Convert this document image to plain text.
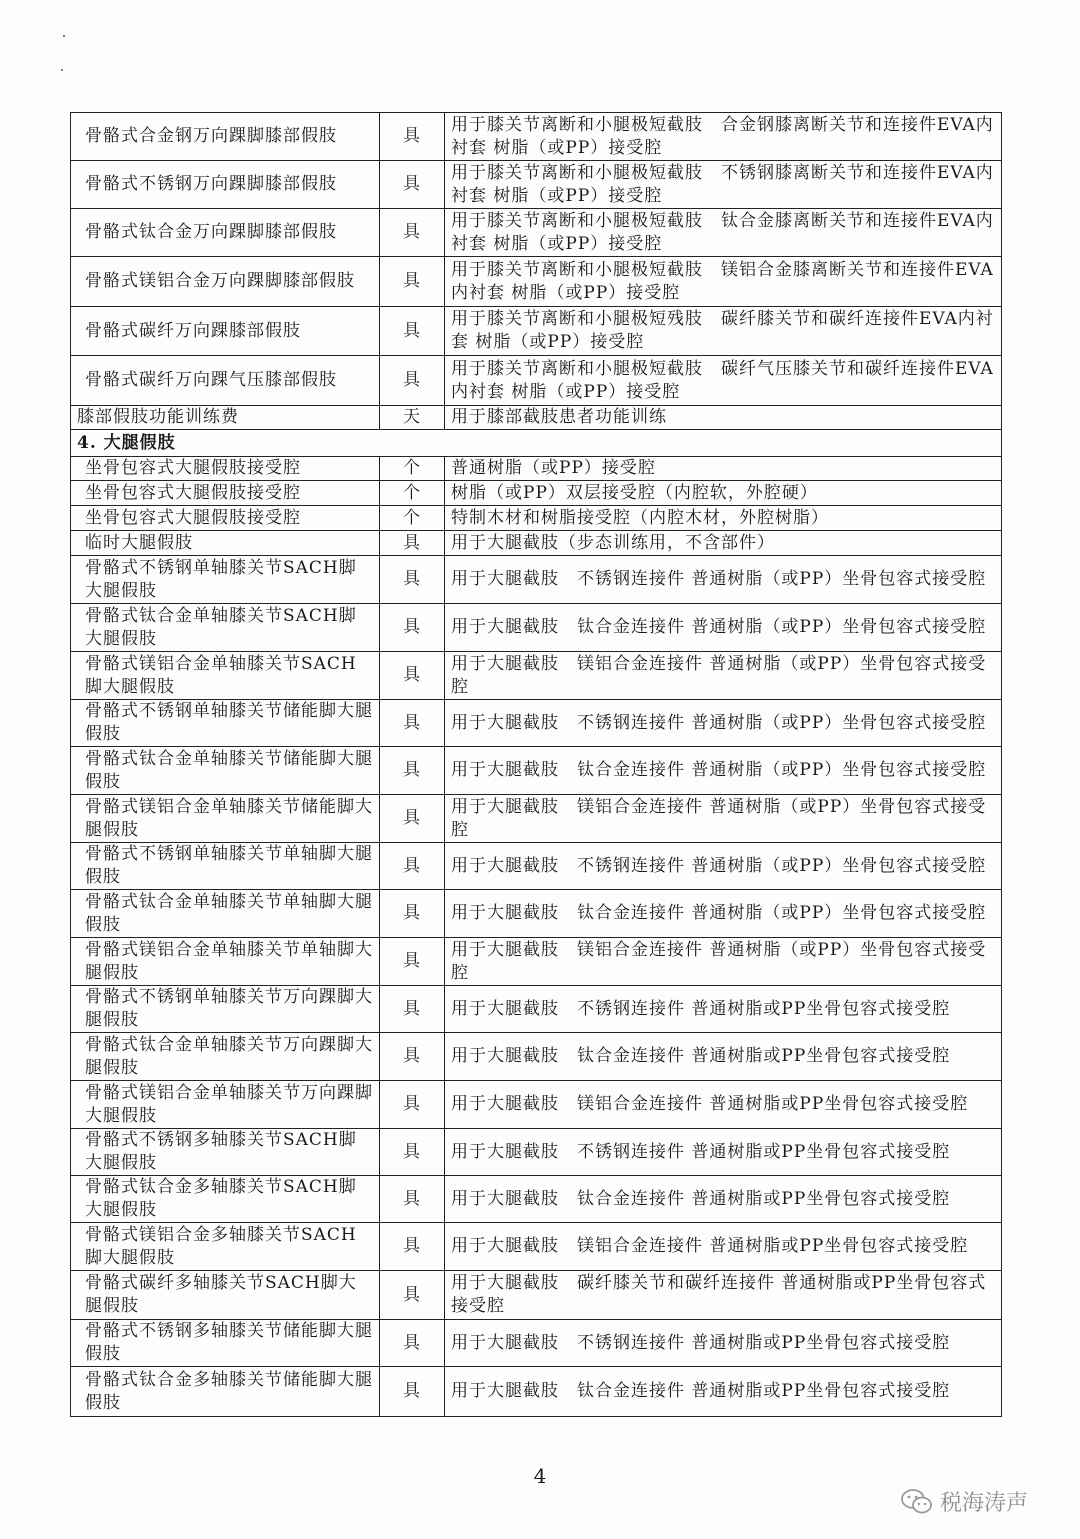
骨骼式合金钢万向踝脚膝部假肢	具	用于膝关节离断和小腿极短截肢　合金钢膝离断关节和连接件EVA内衬套 树脂（或PP）接受腔
骨骼式不锈钢万向踝脚膝部假肢	具	用于膝关节离断和小腿极短截肢　不锈钢膝离断关节和连接件EVA内衬套 树脂（或PP）接受腔
骨骼式钛合金万向踝脚膝部假肢	具	用于膝关节离断和小腿极短截肢　钛合金膝离断关节和连接件EVA内衬套 树脂（或PP）接受腔
骨骼式镁铝合金万向踝脚膝部假肢	具	用于膝关节离断和小腿极短截肢　镁铝合金膝离断关节和连接件EVA内衬套 树脂（或PP）接受腔
骨骼式碳纤万向踝膝部假肢	具	用于膝关节离断和小腿极短残肢　碳纤膝关节和碳纤连接件EVA内衬套 树脂（或PP）接受腔
骨骼式碳纤万向踝气压膝部假肢	具	用于膝关节离断和小腿极短截肢　碳纤气压膝关节和碳纤连接件EVA内衬套 树脂（或PP）接受腔
膝部假肢功能训练费	天	用于膝部截肢患者功能训练
4. 大腿假肢		
坐骨包容式大腿假肢接受腔	个	普通树脂（或PP）接受腔
坐骨包容式大腿假肢接受腔	个	树脂（或PP）双层接受腔（内腔软，外腔硬）
坐骨包容式大腿假肢接受腔	个	特制木材和树脂接受腔（内腔木材，外腔树脂）
临时大腿假肢	具	用于大腿截肢（步态训练用，不含部件）
骨骼式不锈钢单轴膝关节SACH脚大腿假肢	具	用于大腿截肢　不锈钢连接件 普通树脂（或PP）坐骨包容式接受腔
骨骼式钛合金单轴膝关节SACH脚大腿假肢	具	用于大腿截肢　钛合金连接件 普通树脂（或PP）坐骨包容式接受腔
骨骼式镁铝合金单轴膝关节SACH脚大腿假肢	具	用于大腿截肢　镁铝合金连接件 普通树脂（或PP）坐骨包容式接受腔
骨骼式不锈钢单轴膝关节储能脚大腿假肢	具	用于大腿截肢　不锈钢连接件 普通树脂（或PP）坐骨包容式接受腔
骨骼式钛合金单轴膝关节储能脚大腿假肢	具	用于大腿截肢　钛合金连接件 普通树脂（或PP）坐骨包容式接受腔
骨骼式镁铝合金单轴膝关节储能脚大腿假肢	具	用于大腿截肢　镁铝合金连接件 普通树脂（或PP）坐骨包容式接受腔
骨骼式不锈钢单轴膝关节单轴脚大腿假肢	具	用于大腿截肢　不锈钢连接件 普通树脂（或PP）坐骨包容式接受腔
骨骼式钛合金单轴膝关节单轴脚大腿假肢	具	用于大腿截肢　钛合金连接件 普通树脂（或PP）坐骨包容式接受腔
骨骼式镁铝合金单轴膝关节单轴脚大腿假肢	具	用于大腿截肢　镁铝合金连接件 普通树脂（或PP）坐骨包容式接受腔
骨骼式不锈钢单轴膝关节万向踝脚大腿假肢	具	用于大腿截肢　不锈钢连接件 普通树脂或PP坐骨包容式接受腔
骨骼式钛合金单轴膝关节万向踝脚大腿假肢	具	用于大腿截肢　钛合金连接件 普通树脂或PP坐骨包容式接受腔
骨骼式镁铝合金单轴膝关节万向踝脚大腿假肢	具	用于大腿截肢　镁铝合金连接件 普通树脂或PP坐骨包容式接受腔
骨骼式不锈钢多轴膝关节SACH脚大腿假肢	具	用于大腿截肢　不锈钢连接件 普通树脂或PP坐骨包容式接受腔
骨骼式钛合金多轴膝关节SACH脚大腿假肢	具	用于大腿截肢　钛合金连接件 普通树脂或PP坐骨包容式接受腔
骨骼式镁铝合金多轴膝关节SACH脚大腿假肢	具	用于大腿截肢　镁铝合金连接件 普通树脂或PP坐骨包容式接受腔
骨骼式碳纤多轴膝关节SACH脚大腿假肢	具	用于大腿截肢　碳纤膝关节和碳纤连接件 普通树脂或PP坐骨包容式接受腔
骨骼式不锈钢多轴膝关节储能脚大腿假肢	具	用于大腿截肢　不锈钢连接件 普通树脂或PP坐骨包容式接受腔
骨骼式钛合金多轴膝关节储能脚大腿假肢	具	用于大腿截肢　钛合金连接件 普通树脂或PP坐骨包容式接受腔
4
税海涛声
